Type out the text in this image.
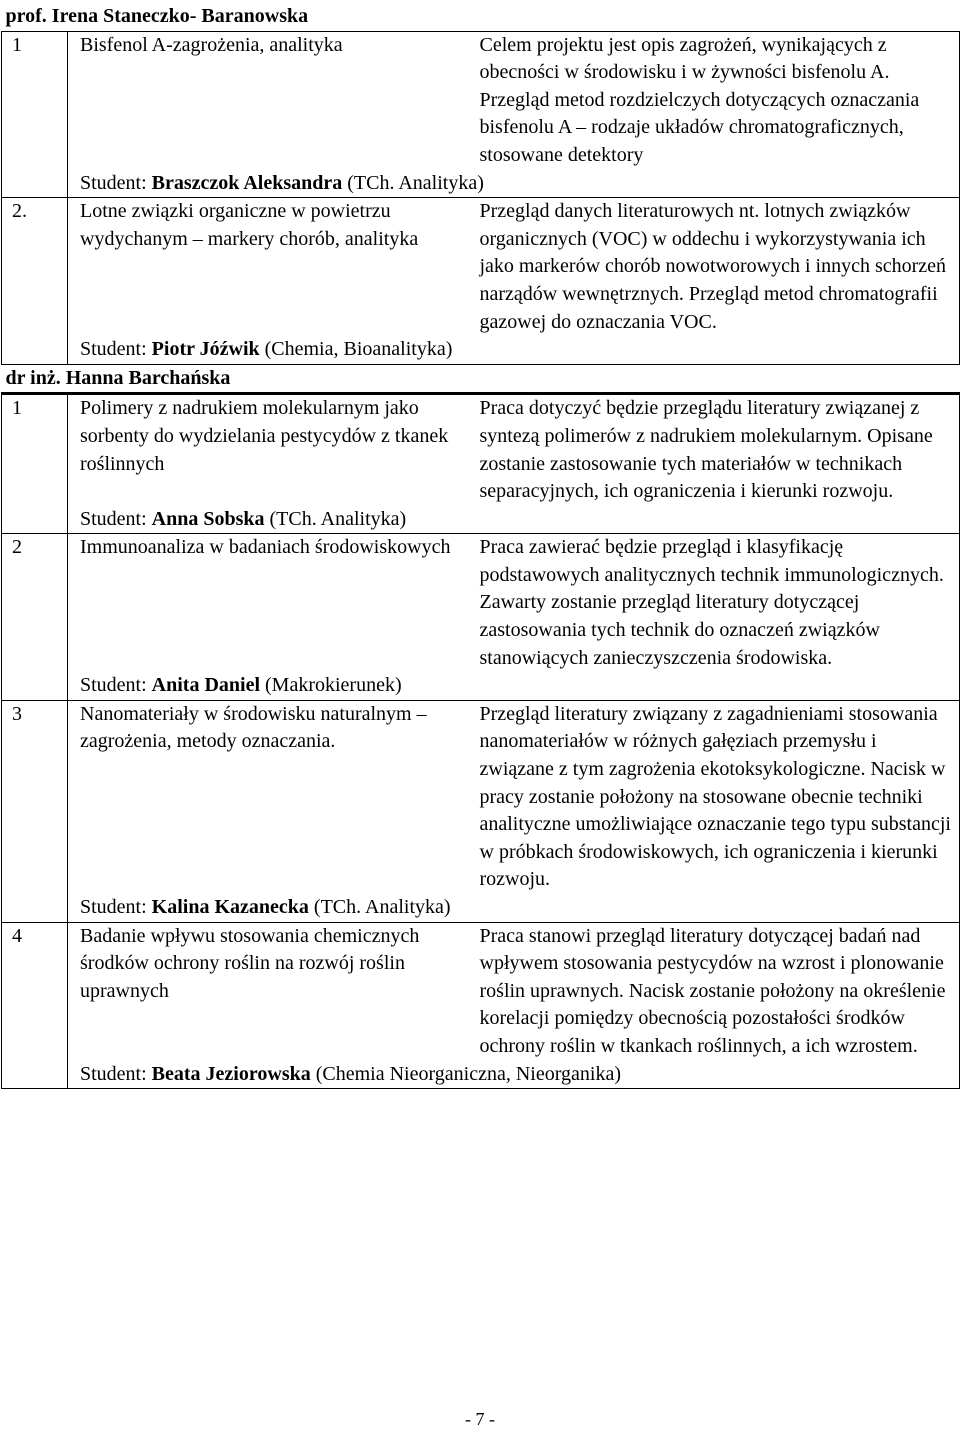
prof. Irena Staneczko- Baranowska		
1	Bisfenol A-zagrożenia, analityka	Celem projektu jest opis zagrożeń, wynikających z obecności w środowisku i w żywności bisfenolu A. Przegląd metod rozdzielczych dotyczących oznaczania bisfenolu A – rodzaje układów chromatograficznych, stosowane detektory
	Student: Braszczok Aleksandra (TCh. Analityka)	
2.	Lotne związki organiczne w powietrzu wydychanym – markery chorób, analityka	Przegląd danych literaturowych nt. lotnych związków organicznych (VOC) w oddechu i wykorzystywania ich jako markerów chorób nowotworowych i innych schorzeń narządów wewnętrznych. Przegląd metod chromatografii gazowej do oznaczania VOC.
	Student: Piotr Jóźwik (Chemia, Bioanalityka)	
dr inż. Hanna Barchańska		
1	Polimery z nadrukiem molekularnym jako sorbenty do wydzielania pestycydów z tkanek roślinnych	Praca dotyczyć będzie przeglądu literatury związanej z syntezą polimerów z nadrukiem molekularnym. Opisane zostanie zastosowanie tych materiałów w technikach separacyjnych, ich ograniczenia i kierunki rozwoju.
	Student: Anna Sobska (TCh. Analityka)	
2	Immunoanaliza w badaniach środowiskowych	Praca zawierać będzie przegląd i klasyfikację podstawowych analitycznych technik immunologicznych. Zawarty zostanie przegląd literatury dotyczącej zastosowania tych technik do oznaczeń związków stanowiących zanieczyszczenia środowiska.
	Student: Anita Daniel (Makrokierunek)	
3	Nanomateriały w środowisku naturalnym – zagrożenia, metody oznaczania.	Przegląd literatury związany z zagadnieniami stosowania nanomateriałów w różnych gałęziach przemysłu i związane z tym zagrożenia ekotoksykologiczne. Nacisk w pracy zostanie położony na stosowane obecnie techniki analityczne umożliwiające oznaczanie tego typu substancji w próbkach środowiskowych, ich ograniczenia i kierunki rozwoju.
	Student: Kalina Kazanecka (TCh. Analityka)	
4	Badanie wpływu stosowania chemicznych środków ochrony roślin na rozwój roślin uprawnych	Praca stanowi przegląd literatury dotyczącej badań nad wpływem stosowania pestycydów na wzrost i plonowanie roślin uprawnych. Nacisk zostanie położony na określenie korelacji pomiędzy obecnością pozostałości środków ochrony roślin w tkankach roślinnych, a ich wzrostem.
	Student: Beata Jeziorowska (Chemia Nieorganiczna, Nieorganika)	
- 7 -
